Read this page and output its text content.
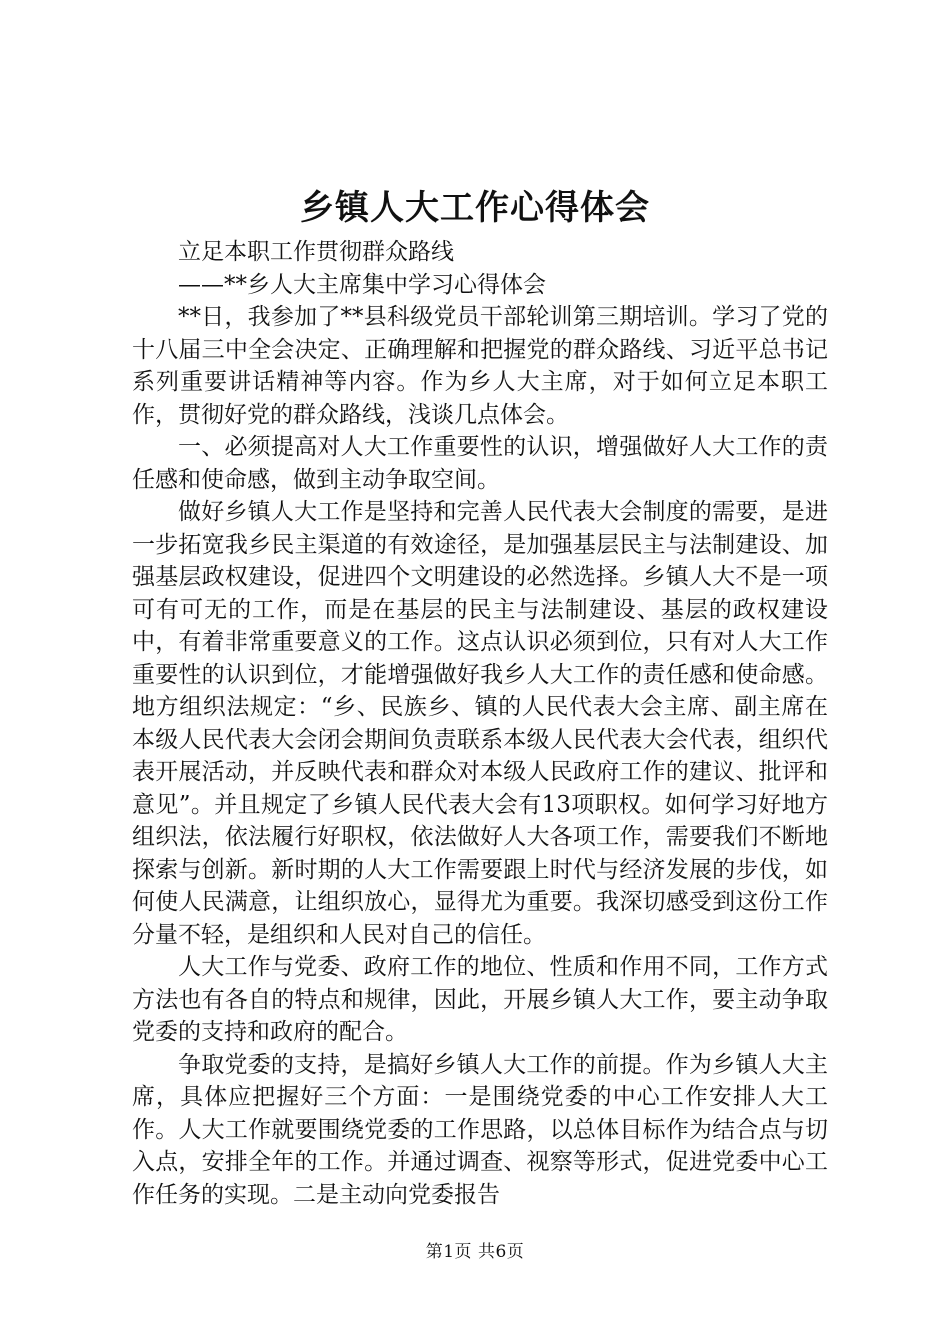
乡镇人大工作心得体会

立足本职工作贯彻群众路线

——**乡人大主席集中学习心得体会

**日，我参加了**县科级党员干部轮训第三期培训。学习了党的十八届三中全会决定、正确理解和把握党的群众路线、习近平总书记系列重要讲话精神等内容。作为乡人大主席，对于如何立足本职工作，贯彻好党的群众路线，浅谈几点体会。

一、必须提高对人大工作重要性的认识，增强做好人大工作的责任感和使命感，做到主动争取空间。

做好乡镇人大工作是坚持和完善人民代表大会制度的需要，是进一步拓宽我乡民主渠道的有效途径，是加强基层民主与法制建设、加强基层政权建设，促进四个文明建设的必然选择。乡镇人大不是一项可有可无的工作，而是在基层的民主与法制建设、基层的政权建设中，有着非常重要意义的工作。这点认识必须到位，只有对人大工作重要性的认识到位，才能增强做好我乡人大工作的责任感和使命感。地方组织法规定：“乡、民族乡、镇的人民代表大会主席、副主席在本级人民代表大会闭会期间负责联系本级人民代表大会代表，组织代表开展活动，并反映代表和群众对本级人民政府工作的建议、批评和意见”。并且规定了乡镇人民代表大会有13项职权。如何学习好地方组织法，依法履行好职权，依法做好人大各项工作，需要我们不断地探索与创新。新时期的人大工作需要跟上时代与经济发展的步伐，如何使人民满意，让组织放心，显得尤为重要。我深切感受到这份工作分量不轻，是组织和人民对自己的信任。

人大工作与党委、政府工作的地位、性质和作用不同，工作方式方法也有各自的特点和规律，因此，开展乡镇人大工作，要主动争取党委的支持和政府的配合。

争取党委的支持，是搞好乡镇人大工作的前提。作为乡镇人大主席，具体应把握好三个方面：一是围绕党委的中心工作安排人大工作。人大工作就要围绕党委的工作思路，以总体目标作为结合点与切入点，安排全年的工作。并通过调查、视察等形式，促进党委中心工作任务的实现。二是主动向党委报告

第1页 共6页
